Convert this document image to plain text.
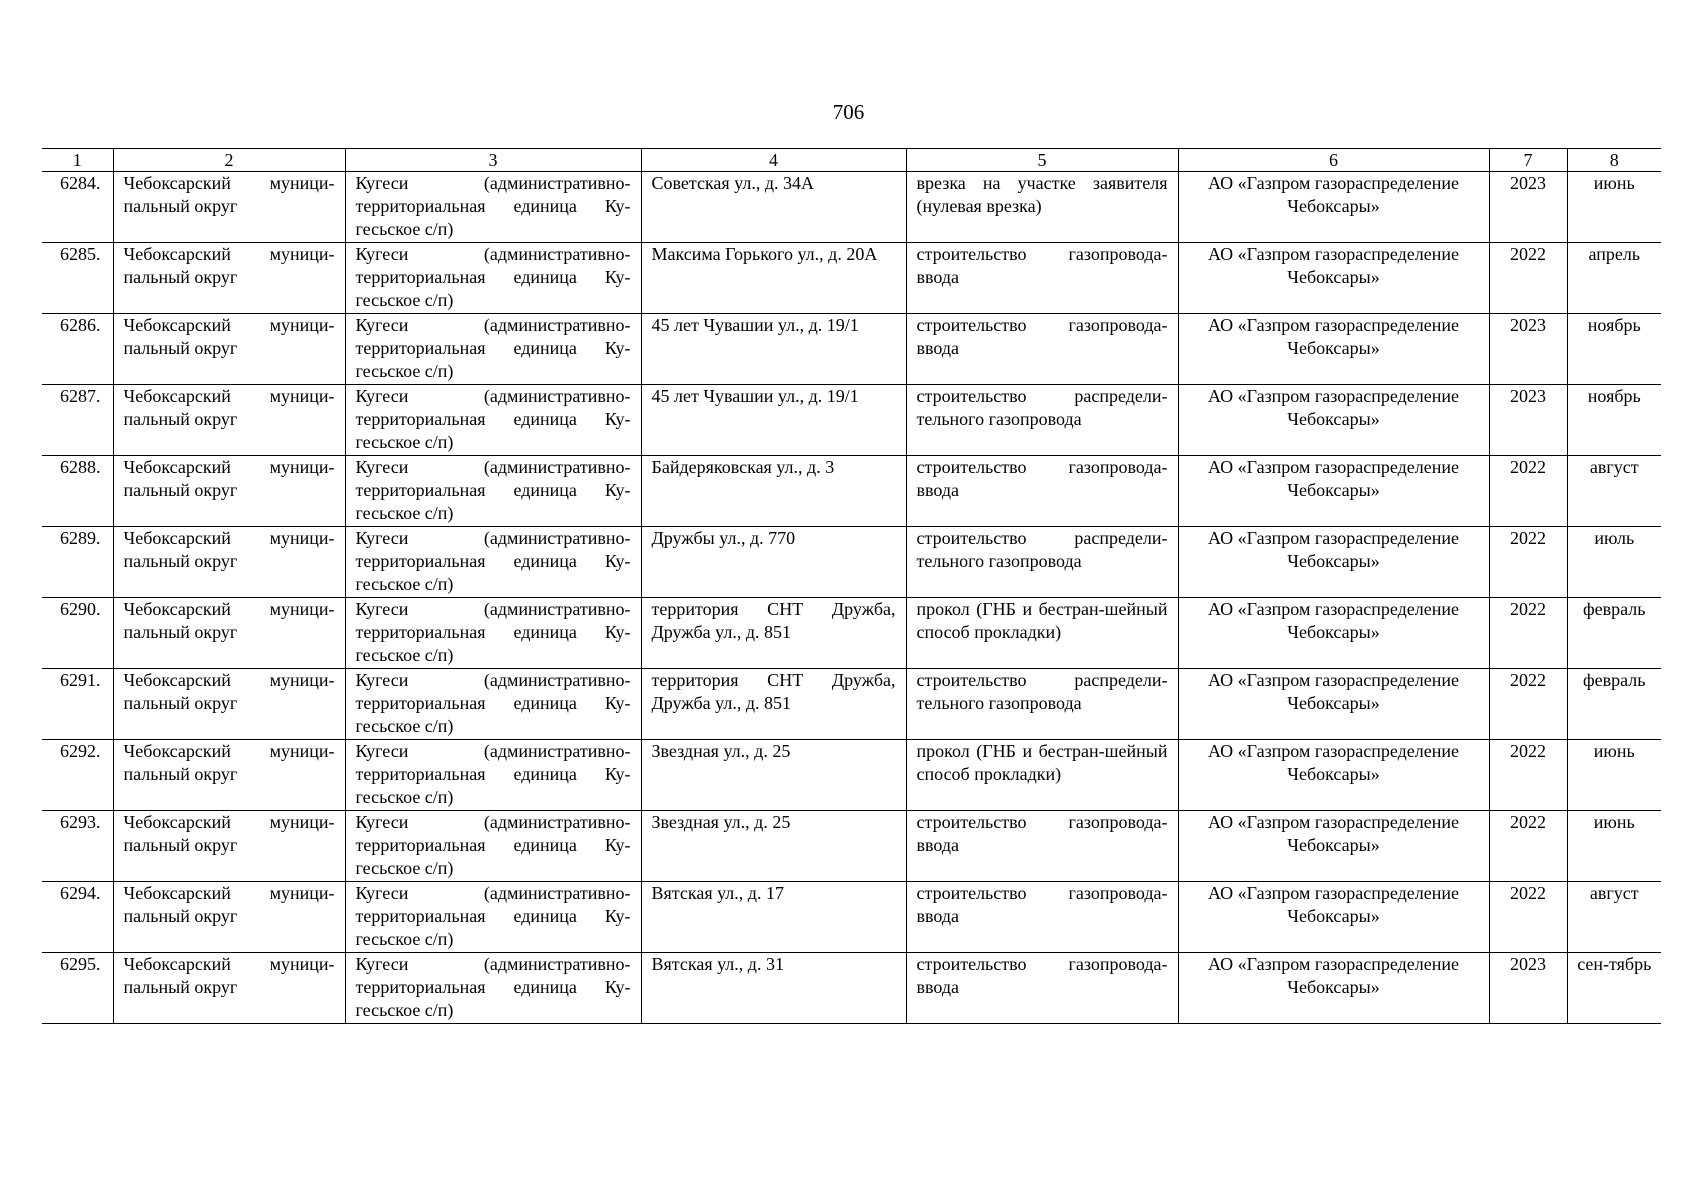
706
1	2	3	4	5	6	7	8
6284.	Чебоксарский муници-пальный округ	Кугеси (административно-территориальная единица Ку-гесьское с/п)	Советская ул., д. 34А	врезка на участке заявителя (нулевая врезка)	АО «Газпром газораспределение Чебоксары»	2023	июнь
6285.	Чебоксарский муници-пальный округ	Кугеси (административно-территориальная единица Ку-гесьское с/п)	Максима Горького ул., д. 20А	строительство газопровода-ввода	АО «Газпром газораспределение Чебоксары»	2022	апрель
6286.	Чебоксарский муници-пальный округ	Кугеси (административно-территориальная единица Ку-гесьское с/п)	45 лет Чувашии ул., д. 19/1	строительство газопровода-ввода	АО «Газпром газораспределение Чебоксары»	2023	ноябрь
6287.	Чебоксарский муници-пальный округ	Кугеси (административно-территориальная единица Ку-гесьское с/п)	45 лет Чувашии ул., д. 19/1	строительство распредели-тельного газопровода	АО «Газпром газораспределение Чебоксары»	2023	ноябрь
6288.	Чебоксарский муници-пальный округ	Кугеси (административно-территориальная единица Ку-гесьское с/п)	Байдеряковская ул., д. 3	строительство газопровода-ввода	АО «Газпром газораспределение Чебоксары»	2022	август
6289.	Чебоксарский муници-пальный округ	Кугеси (административно-территориальная единица Ку-гесьское с/п)	Дружбы ул., д. 770	строительство распредели-тельного газопровода	АО «Газпром газораспределение Чебоксары»	2022	июль
6290.	Чебоксарский муници-пальный округ	Кугеси (административно-территориальная единица Ку-гесьское с/п)	территория СНТ Дружба, Дружба ул., д. 851	прокол (ГНБ и бестран-шейный способ прокладки)	АО «Газпром газораспределение Чебоксары»	2022	февраль
6291.	Чебоксарский муници-пальный округ	Кугеси (административно-территориальная единица Ку-гесьское с/п)	территория СНТ Дружба, Дружба ул., д. 851	строительство распредели-тельного газопровода	АО «Газпром газораспределение Чебоксары»	2022	февраль
6292.	Чебоксарский муници-пальный округ	Кугеси (административно-территориальная единица Ку-гесьское с/п)	Звездная ул., д. 25	прокол (ГНБ и бестран-шейный способ прокладки)	АО «Газпром газораспределение Чебоксары»	2022	июнь
6293.	Чебоксарский муници-пальный округ	Кугеси (административно-территориальная единица Ку-гесьское с/п)	Звездная ул., д. 25	строительство газопровода-ввода	АО «Газпром газораспределение Чебоксары»	2022	июнь
6294.	Чебоксарский муници-пальный округ	Кугеси (административно-территориальная единица Ку-гесьское с/п)	Вятская ул., д. 17	строительство газопровода-ввода	АО «Газпром газораспределение Чебоксары»	2022	август
6295.	Чебоксарский муници-пальный округ	Кугеси (административно-территориальная единица Ку-гесьское с/п)	Вятская ул., д. 31	строительство газопровода-ввода	АО «Газпром газораспределение Чебоксары»	2023	сен-тябрь
